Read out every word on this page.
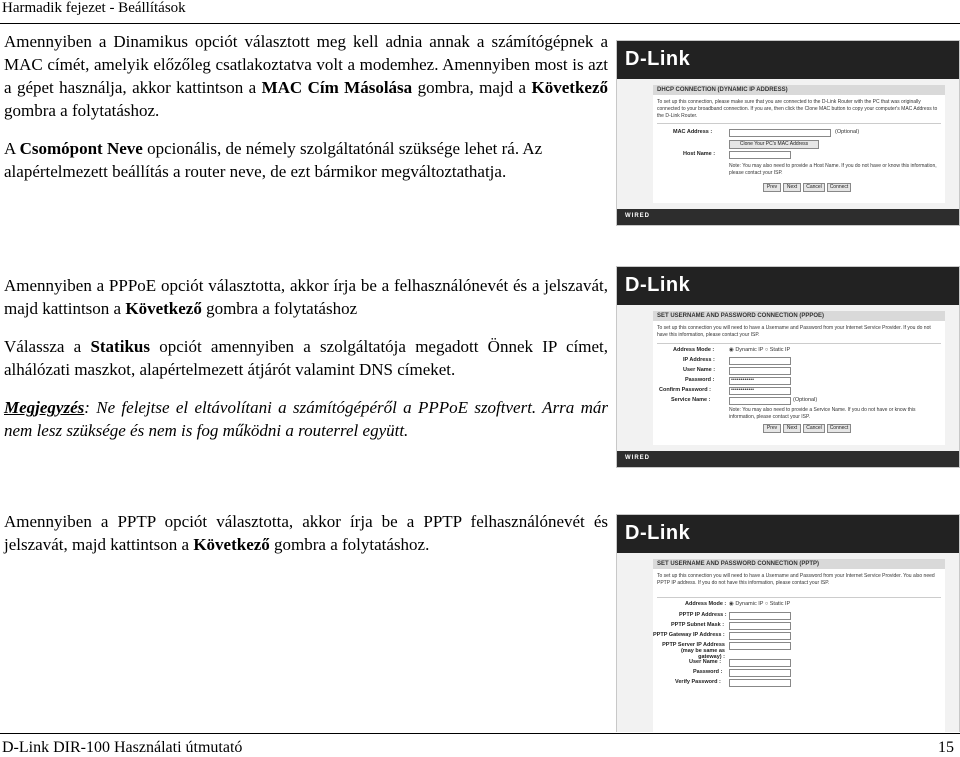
Harmadik fejezet - Beállítások

Amennyiben a Dinamikus opciót választott meg kell adnia annak a számítógépnek a MAC címét, amelyik előzőleg csatlakoztatva volt a modemhez. Amennyiben most is azt a gépet használja, akkor kattintson a MAC Cím Másolása gombra, majd a Következő gombra a folytatáshoz.

A Csomópont Neve opcionális, de némely szolgáltatónál szüksége lehet rá. Az alapértelmezett beállítás a router neve, de ezt bármikor megváltoztathatja.

D-Link
DHCP CONNECTION (DYNAMIC IP ADDRESS)
To set up this connection, please make sure that you are connected to the D-Link Router with the PC that was originally connected to your broadband connection. If you are, then click the Clone MAC button to copy your computer's MAC Address to the D-Link Router.
MAC Address :	(Optional)
Clone Your PC's MAC Address
Host Name :
Note: You may also need to provide a Host Name. If you do not have or know this information, please contact your ISP.
Prev	Next	Cancel	Connect
WIRED

Amennyiben a PPPoE opciót választotta, akkor írja be a felhasználónevét és a jelszavát, majd kattintson a Következő gombra a folytatáshoz

Válassza a Statikus opciót amennyiben a szolgáltatója megadott Önnek IP címet, alhálózati maszkot, alapértelmezett átjárót valamint DNS címeket.

Megjegyzés: Ne felejtse el eltávolítani a számítógépéről a PPPoE szoftvert. Arra már nem lesz szüksége és nem is fog működni a routerrel együtt.

D-Link
SET USERNAME AND PASSWORD CONNECTION (PPPOE)
To set up this connection you will need to have a Username and Password from your Internet Service Provider. If you do not have this information, please contact your ISP.
Address Mode :	◉ Dynamic IP ○ Static IP
IP Address :
User Name :
Password :	••••••••••••
Confirm Password :	••••••••••••
Service Name :	(Optional)
Note: You may also need to provide a Service Name. If you do not have or know this information, please contact your ISP.
Prev	Next	Cancel	Connect
WIRED

Amennyiben a PPTP opciót választotta, akkor írja be a PPTP felhasználónevét és jelszavát, majd kattintson a Következő gombra a folytatáshoz.

D-Link
SET USERNAME AND PASSWORD CONNECTION (PPTP)
To set up this connection you will need to have a Username and Password from your Internet Service Provider. You also need PPTP IP address. If you do not have this information, please contact your ISP.
Address Mode : ◉ Dynamic IP ○ Static IP
PPTP IP Address :
PPTP Subnet Mask :
PPTP Gateway IP Address :
PPTP Server IP Address (may be same as gateway) :
User Name :
Password :
Verify Password :
D-Link DIR-100 Használati útmutató	15
